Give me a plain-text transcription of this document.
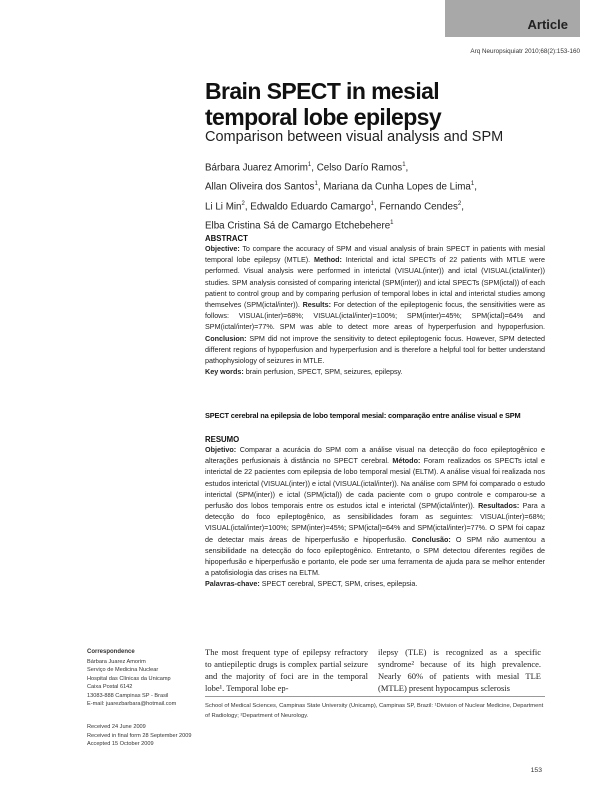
Article
Arq Neuropsiquiatr 2010;68(2):153-160
Brain SPECT in mesial
temporal lobe epilepsy
Comparison between visual analysis and SPM
Bárbara Juarez Amorim$^1$, Celso Darío Ramos$^1$,
Allan Oliveira dos Santos$^1$, Mariana da Cunha Lopes de Lima$^1$,
Li Li Min$^2$, Edwaldo Eduardo Camargo$^1$, Fernando Cendes$^2$,
Elba Cristina Sá de Camargo Etchebehere$^1$
ABSTRACT
Objective: To compare the accuracy of SPM and visual analysis of brain SPECT in patients with mesial temporal lobe epilepsy (MTLE). Method: Interictal and ictal SPECTs of 22 patients with MTLE were performed. Visual analysis were performed in interictal (VISUAL(inter)) and ictal (VISUAL(ictal/inter)) studies. SPM analysis consisted of comparing interictal (SPM(inter)) and ictal SPECTs (SPM(ictal)) of each patient to control group and by comparing perfusion of temporal lobes in ictal and interictal studies among themselves (SPM(ictal/inter)). Results: For detection of the epileptogenic focus, the sensitivities were as follows: VISUAL(inter)=68%; VISUAL(ictal/inter)=100%; SPM(inter)=45%; SPM(ictal)=64% and SPM(ictal/inter)=77%. SPM was able to detect more areas of hyperperfusion and hypoperfusion. Conclusion: SPM did not improve the sensitivity to detect epileptogenic focus. However, SPM detected different regions of hypoperfusion and hyperperfusion and is therefore a helpful tool for better understand pathophysiology of seizures in MTLE.
Key words: brain perfusion, SPECT, SPM, seizures, epilepsy.
SPECT cerebral na epilepsia de lobo temporal mesial: comparação entre análise visual e SPM
RESUMO
Objetivo: Comparar a acurácia do SPM com a análise visual na detecção do foco epileptogênico e alterações perfusionais à distância no SPECT cerebral. Método: Foram realizados os SPECTs ictal e interictal de 22 pacientes com epilepsia de lobo temporal mesial (ELTM). A análise visual foi realizada nos estudos interictal (VISUAL(inter)) e ictal (VISUAL(ictal/inter)). Na análise com SPM foi comparado o estudo interictal (SPM(inter)) e ictal (SPM(ictal)) de cada paciente com o grupo controle e comparou-se a perfusão dos lobos temporais entre os estudos ictal e interictal (SPM(ictal/inter)). Resultados: Para a detecção do foco epileptogênico, as sensibilidades foram as seguintes: VISUAL(inter)=68%; VISUAL(ictal/inter)=100%; SPM(inter)=45%; SPM(ictal)=64% and SPM(ictal/inter)=77%. O SPM foi capaz de detectar mais áreas de hiperperfusão e hipoperfusão. Conclusão: O SPM não aumentou a sensibilidade na detecção do foco epileptogênico. Entretanto, o SPM detectou diferentes regiões de hipoperfusão e hiperperfusão e portanto, ele pode ser uma ferramenta de ajuda para se melhor entender a patofisiologia das crises na ELTM.
Palavras-chave: SPECT cerebral, SPECT, SPM, crises, epilepsia.
Correspondence
Bárbara Juarez Amorim
Serviço de Medicina Nuclear
Hospital das Clínicas da Unicamp
Caixa Postal 6142
13083-888 Campinas SP - Brasil
E-mail: juarezbarbara@hotmail.com
Received 24 June 2009
Received in final form 28 September 2009
Accepted 15 October 2009
The most frequent type of epilepsy refractory to antiepileptic drugs is complex partial seizure and the majority of foci are in the temporal lobe¹. Temporal lobe ep-
ilepsy (TLE) is recognized as a specific syndrome² because of its high prevalence. Nearly 60% of patients with mesial TLE (MTLE) present hypocampus sclerosis
School of Medical Sciences, Campinas State University (Unicamp), Campinas SP, Brazil: ¹Division of Nuclear Medicine, Department of Radiology; ²Department of Neurology.
153
